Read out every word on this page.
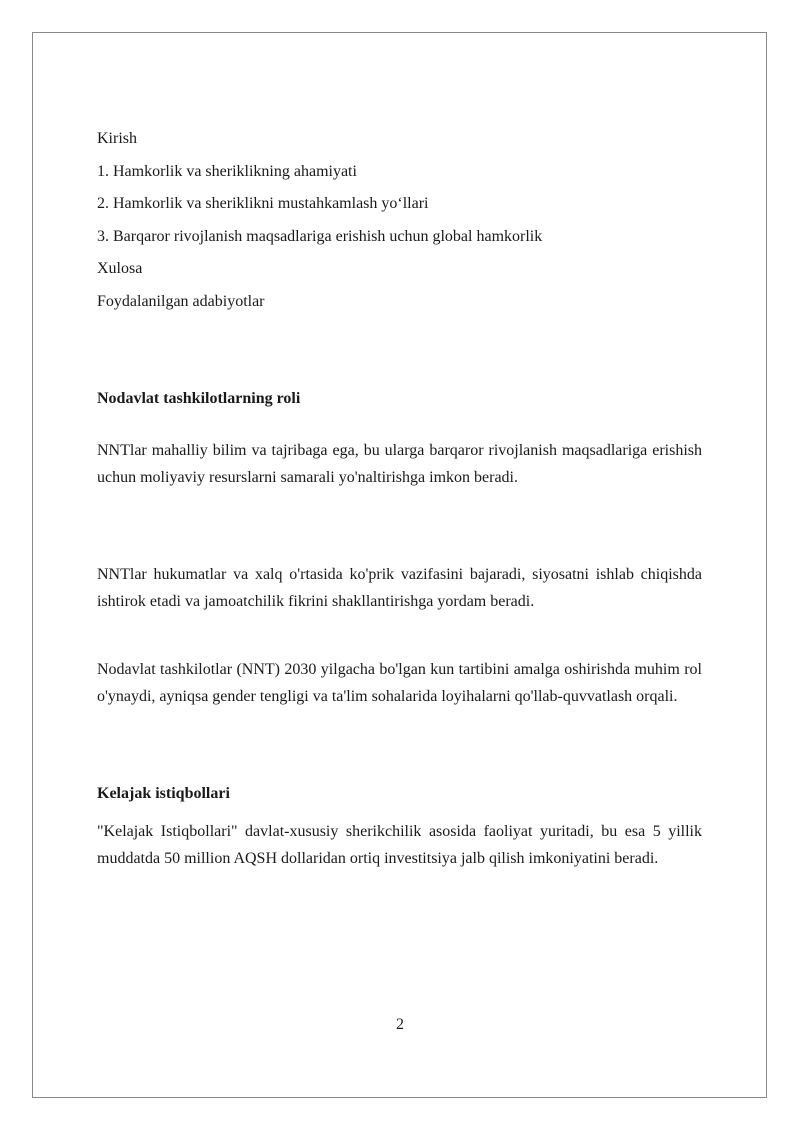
Kirish
1. Hamkorlik va sheriklikning ahamiyati
2. Hamkorlik va sheriklikni mustahkamlash yo‘llari
3. Barqaror rivojlanish maqsadlariga erishish uchun global hamkorlik
Xulosa
Foydalanilgan adabiyotlar
Nodavlat tashkilotlarning roli

NNTlar mahalliy bilim va tajribaga ega, bu ularga barqaror rivojlanish maqsadlariga erishish uchun moliyaviy resurslarni samarali yo'naltirishga imkon beradi.

NNTlar hukumatlar va xalq o'rtasida ko'prik vazifasini bajaradi, siyosatni ishlab chiqishda ishtirok etadi va jamoatchilik fikrini shakllantirishga yordam beradi.

Nodavlat tashkilotlar (NNT) 2030 yilgacha bo'lgan kun tartibini amalga oshirishda muhim rol o'ynaydi, ayniqsa gender tengligi va ta'lim sohalarida loyihalarni qo'llab-quvvatlash orqali.

Kelajak istiqbollari

"Kelajak Istiqbollari" davlat-xususiy sherikchilik asosida faoliyat yuritadi, bu esa 5 yillik muddatda 50 million AQSH dollaridan ortiq investitsiya jalb qilish imkoniyatini beradi.

2
